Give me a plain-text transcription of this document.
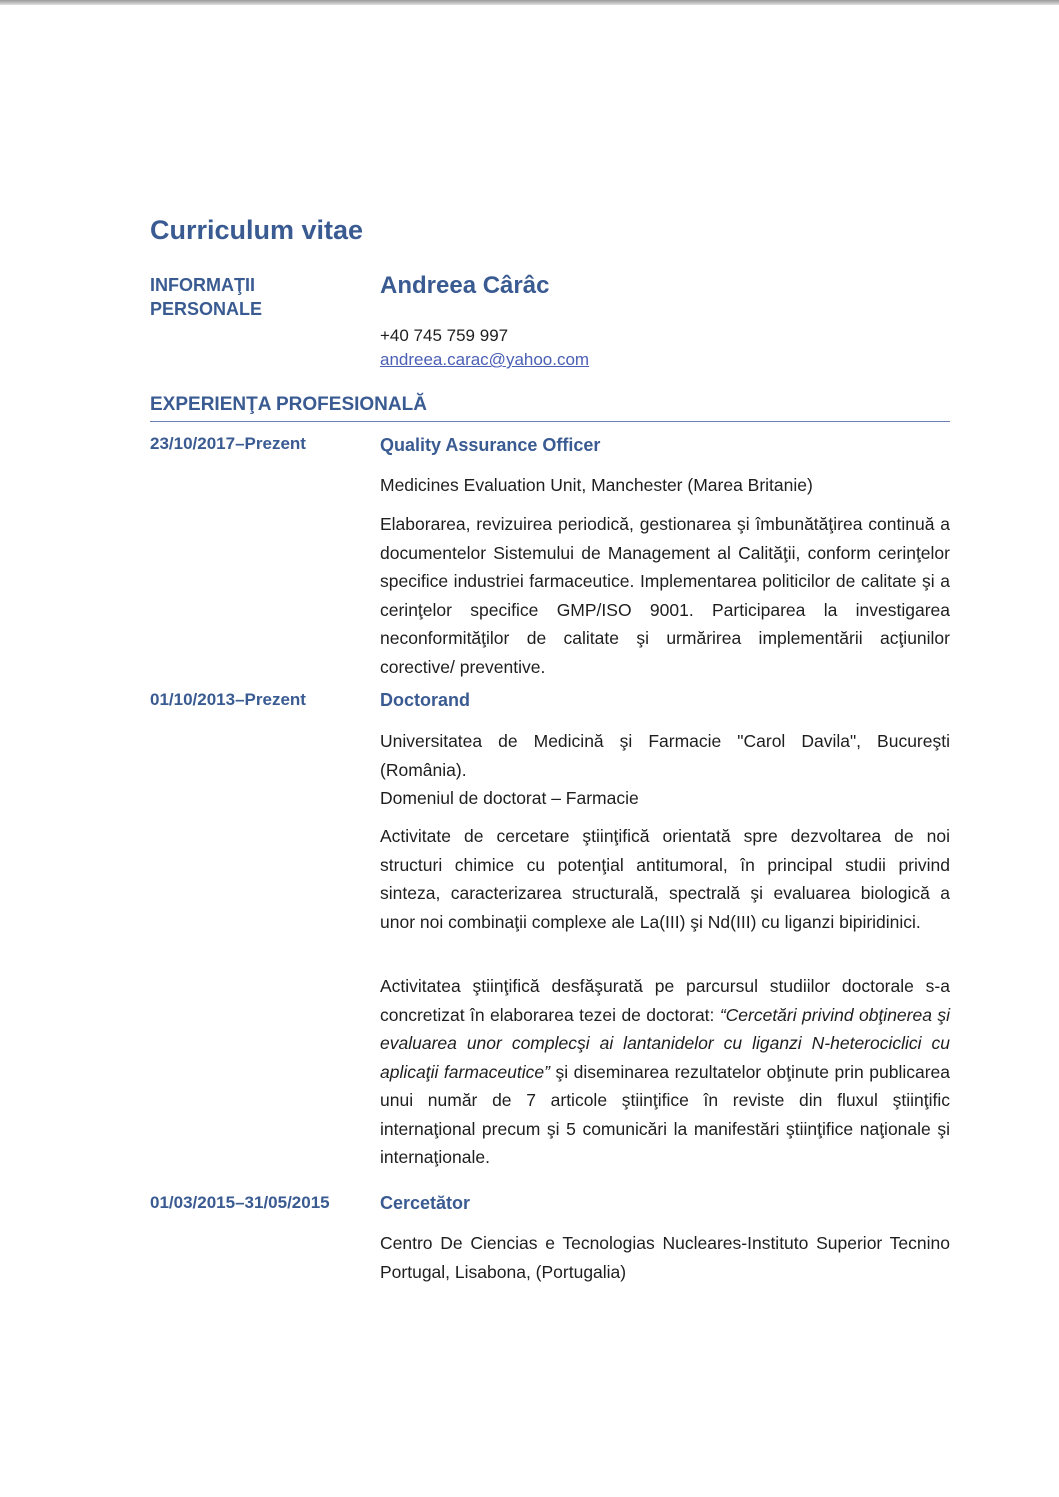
Curriculum vitae
INFORMAŢII
PERSONALE
Andreea Cârâc
+40 745 759 997
andreea.carac@yahoo.com
EXPERIENŢA PROFESIONALĂ
23/10/2017–Prezent	Quality Assurance Officer

Medicines Evaluation Unit, Manchester (Marea Britanie)

Elaborarea, revizuirea periodică, gestionarea şi îmbunătăţirea continuă a documentelor Sistemului de Management al Calităţii, conform cerinţelor specifice industriei farmaceutice. Implementarea politicilor de calitate şi a cerinţelor specifice GMP/ISO 9001. Participarea la investigarea neconformităţilor de calitate şi urmărirea implementării acţiunilor corective/ preventive.

01/10/2013–Prezent	Doctorand
Universitatea de Medicină şi Farmacie "Carol Davila", Bucureşti (România).
Domeniul de doctorat – Farmacie

Activitate de cercetare ştiinţifică orientată spre dezvoltarea de noi structuri chimice cu potenţial antitumoral, în principal studii privind sinteza, caracterizarea structurală, spectrală şi evaluarea biologică a unor noi combinaţii complexe ale La(III) şi Nd(III) cu liganzi bipiridinici.

Activitatea ştiinţifică desfăşurată pe parcursul studiilor doctorale s-a concretizat în elaborarea tezei de doctorat: “Cercetări privind obţinerea şi evaluarea unor complecşi ai lantanidelor cu liganzi N-heterociclici cu aplicaţii farmaceutice” şi diseminarea rezultatelor obţinute prin publicarea unui număr de 7 articole ştiinţifice în reviste din fluxul ştiinţific internaţional precum şi 5 comunicări la manifestări ştiinţifice naţionale şi internaţionale.

01/03/2015–31/05/2015	Cercetător

Centro De Ciencias e Tecnologias Nucleares-Instituto Superior Tecnino Portugal, Lisabona, (Portugalia)
